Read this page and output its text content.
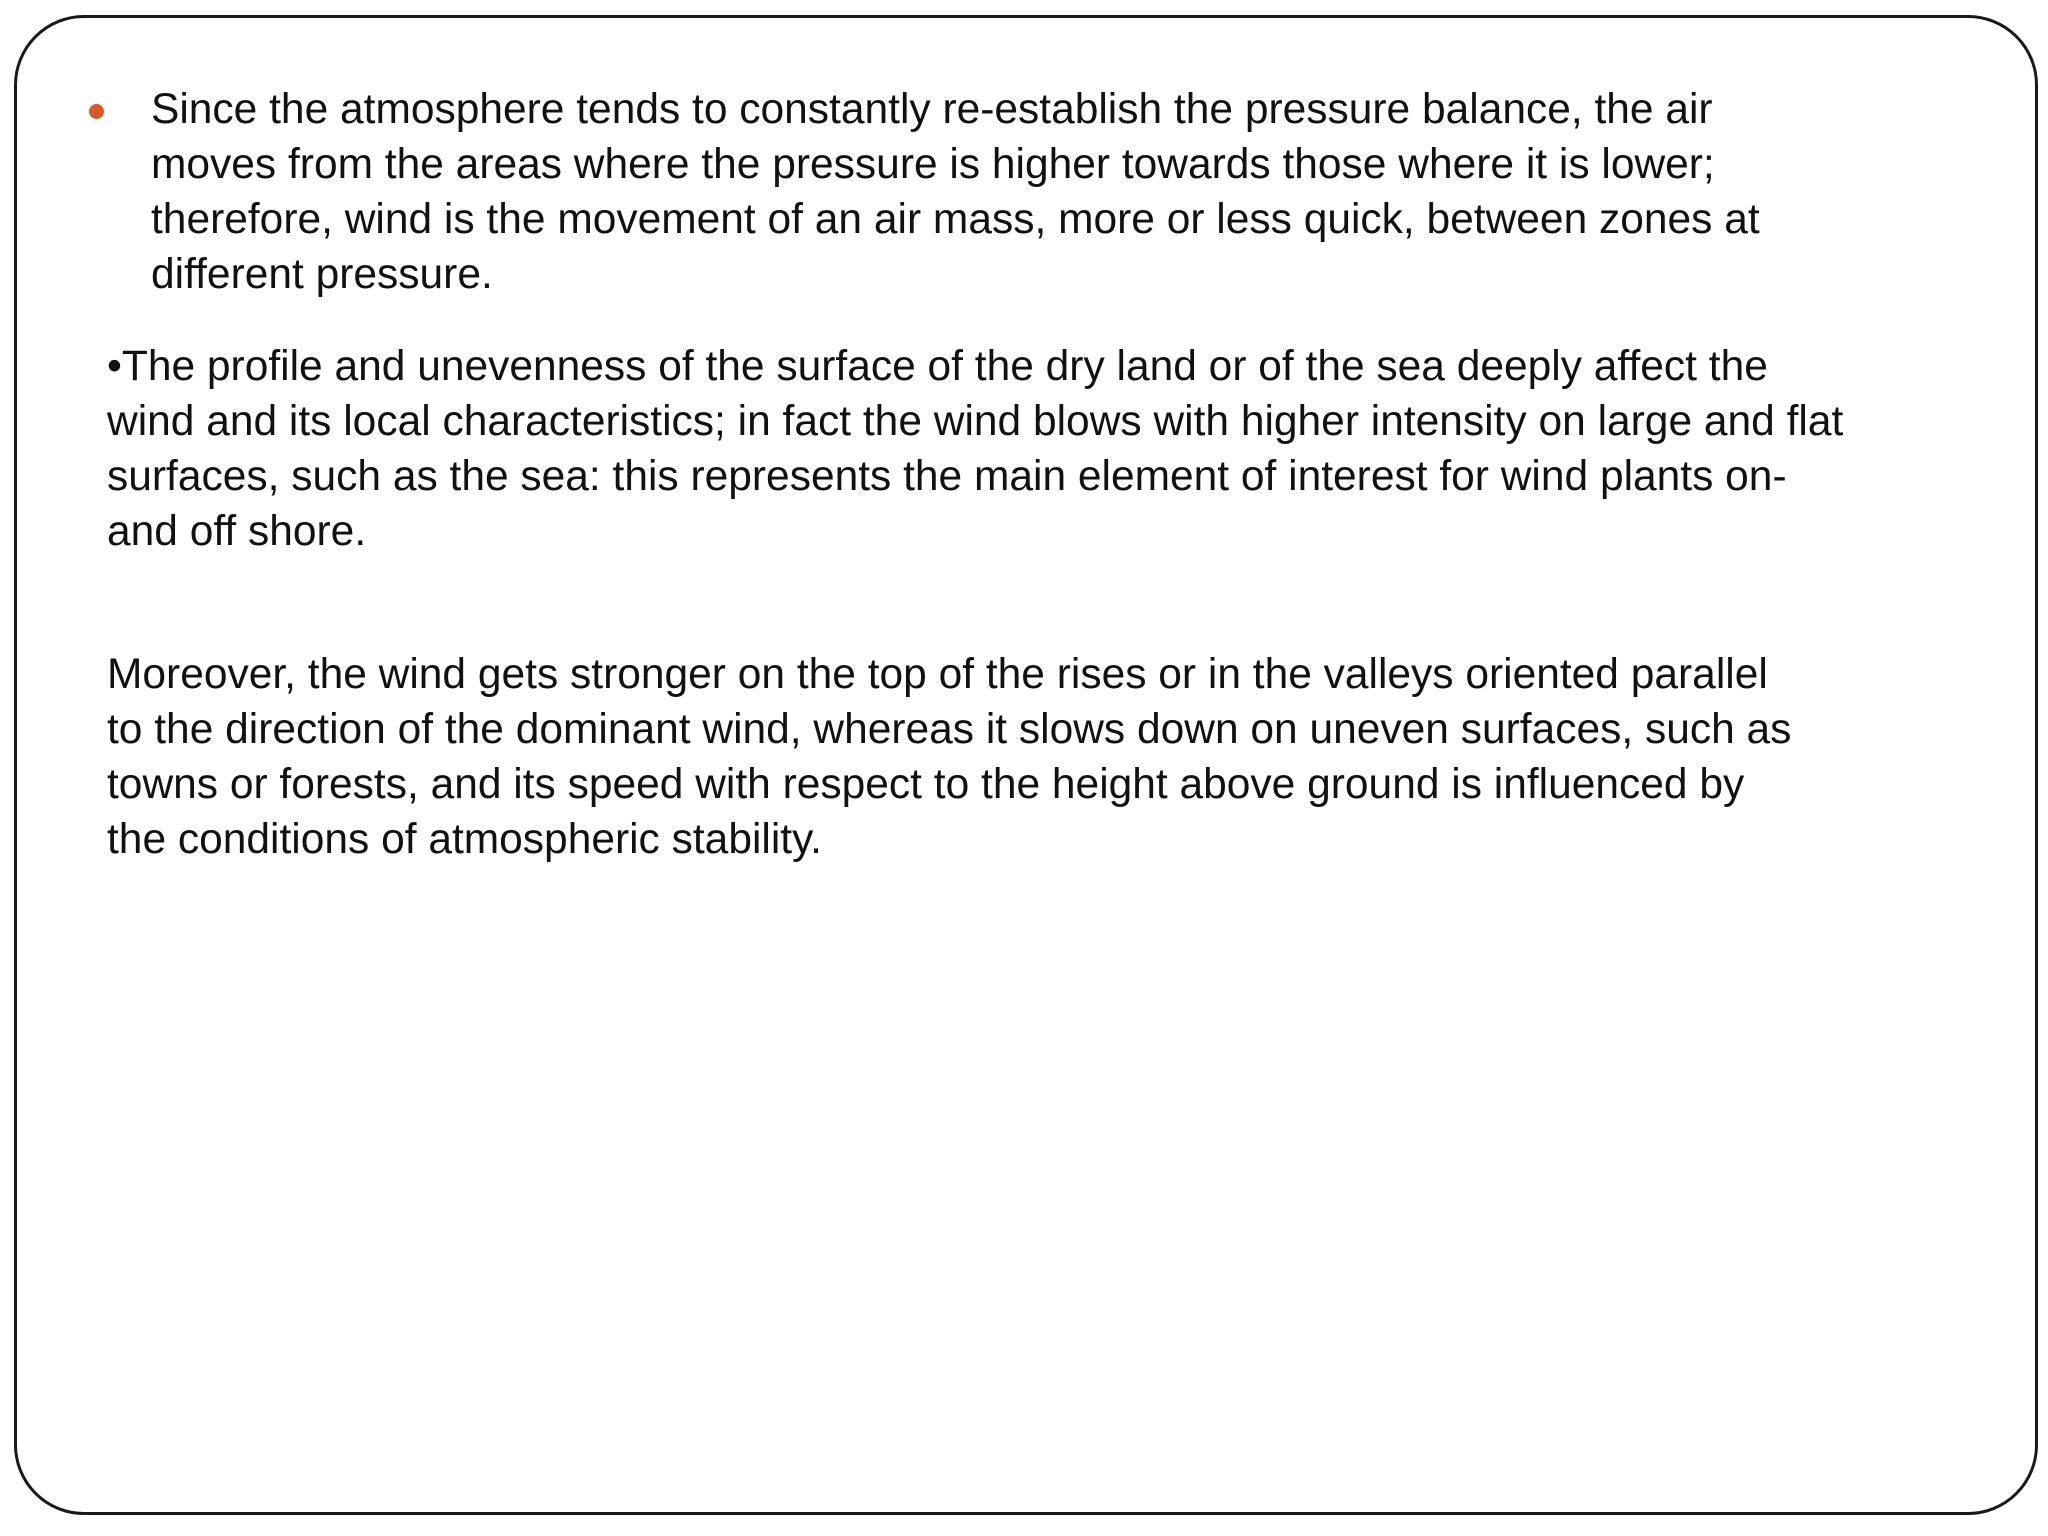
Since the atmosphere tends to constantly re-establish the pressure balance, the air
moves from the areas where the pressure is higher towards those where it is lower;
therefore, wind is the movement of an air mass, more or less quick, between zones at
different pressure.
•The profile and unevenness of the surface of the dry land or of the sea deeply affect the
wind and its local characteristics; in fact the wind blows with higher intensity on large and flat
surfaces, such as the sea: this represents the main element of interest for wind plants on-
and off shore.
Moreover, the wind gets stronger on the top of the rises or in the valleys oriented parallel
to the direction of the dominant wind, whereas it slows down on uneven surfaces, such as
towns or forests, and its speed with respect to the height above ground is influenced by
the conditions of atmospheric stability.
